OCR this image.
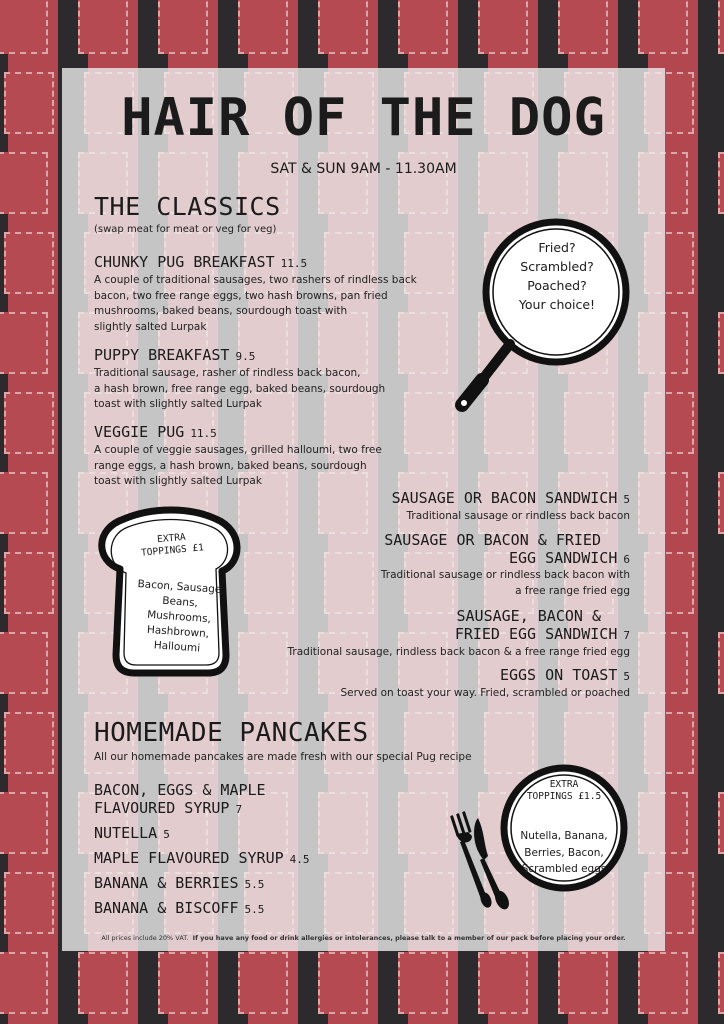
HAIR OF THE DOG

SAT & SUN 9AM - 11.30AM

THE CLASSICS

(swap meat for meat or veg for veg)

CHUNKY PUG BREAKFAST 11.5

A couple of traditional sausages, two rashers of rindless back
bacon, two free range eggs, two hash browns, pan fried
mushrooms, baked beans, sourdough toast with
slightly salted Lurpak

PUPPY BREAKFAST 9.5

Traditional sausage, rasher of rindless back bacon,
a hash brown, free range egg, baked beans, sourdough
toast with slightly salted Lurpak

VEGGIE PUG 11.5

A couple of veggie sausages, grilled halloumi, two free
range eggs, a hash brown, baked beans, sourdough
toast with slightly salted Lurpak
Fried?
Scrambled?
Poached?
Your choice!
SAUSAGE OR BACON SANDWICH 5
Traditional sausage or rindless back bacon
SAUSAGE OR BACON & FRIED
EGG SANDWICH 6
Traditional sausage or rindless back bacon with
a free range fried egg
SAUSAGE, BACON &
FRIED EGG SANDWICH 7
Traditional sausage, rindless back bacon & a free range fried egg
EGGS ON TOAST 5
Served on toast your way. Fried, scrambled or poached
EXTRA
TOPPINGS £1
Bacon, Sausage,
Beans,
Mushrooms,
Hashbrown,
Halloumi
HOMEMADE PANCAKES

All our homemade pancakes are made fresh with our special Pug recipe

BACON, EGGS & MAPLE
FLAVOURED SYRUP 7
NUTELLA 5
MAPLE FLAVOURED SYRUP 4.5
BANANA & BERRIES 5.5
BANANA & BISCOFF 5.5
EXTRA
TOPPINGS £1.5
Nutella, Banana,
Berries, Bacon,
Scrambled eggs

All prices include 20% VAT. If you have any food or drink allergies or intolerances, please talk to a member of our pack before placing your order.
